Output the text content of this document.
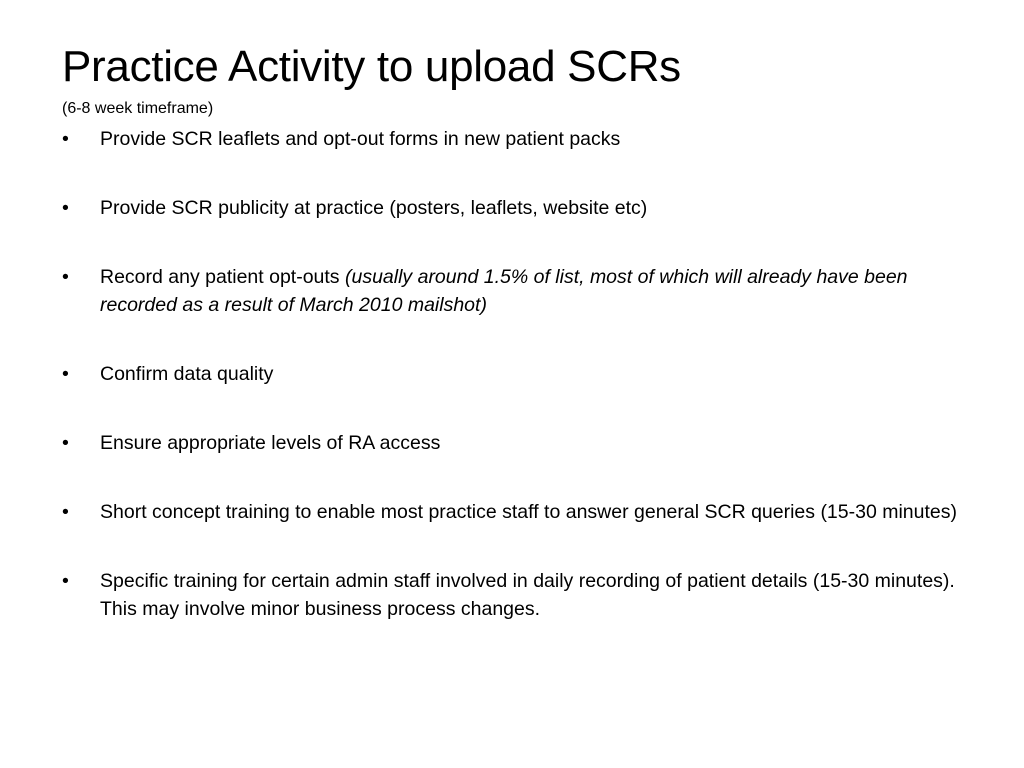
Practice Activity to upload SCRs
(6-8 week timeframe)
•	Provide SCR leaflets and opt-out forms in new patient packs
•	Provide SCR publicity at practice (posters, leaflets, website etc)
•	Record any patient opt-outs (usually around 1.5% of list, most of which will already have been recorded as a result of March 2010 mailshot)
•	Confirm data quality
•	Ensure appropriate levels of RA access
•	Short concept training to enable most practice staff to answer general SCR queries (15-30 minutes)
•	Specific training for certain admin staff involved in daily recording of patient details (15-30 minutes). This may involve minor business process changes.
